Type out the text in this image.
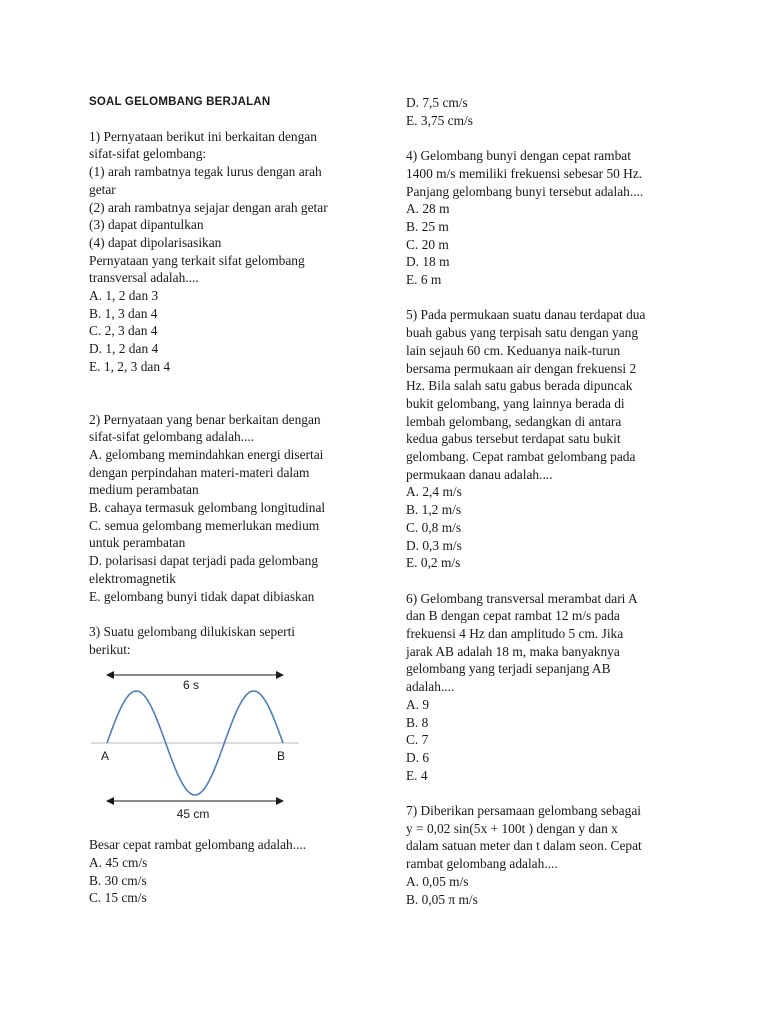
SOAL GELOMBANG BERJALAN
1) Pernyataan berikut ini berkaitan dengan
sifat-sifat gelombang:
(1) arah rambatnya tegak lurus dengan arah
getar
(2) arah rambatnya sejajar dengan arah getar
(3) dapat dipantulkan
(4) dapat dipolarisasikan
Pernyataan yang terkait sifat gelombang
transversal adalah....
A. 1, 2 dan 3
B. 1, 3 dan 4
C. 2, 3 dan 4
D. 1, 2 dan 4
E. 1, 2, 3 dan 4
2) Pernyataan yang benar berkaitan dengan
sifat-sifat gelombang adalah....
A. gelombang memindahkan energi disertai
dengan perpindahan materi-materi dalam
medium perambatan
B. cahaya termasuk gelombang longitudinal
C. semua gelombang memerlukan medium
untuk perambatan
D. polarisasi dapat terjadi pada gelombang
elektromagnetik
E. gelombang bunyi tidak dapat dibiaskan
3) Suatu gelombang dilukiskan seperti
berikut:
6 s
A	B
45 cm
Besar cepat rambat gelombang adalah....
A. 45 cm/s
B. 30 cm/s
C. 15 cm/s
D. 7,5 cm/s
E. 3,75 cm/s
4) Gelombang bunyi dengan cepat rambat
1400 m/s memiliki frekuensi sebesar 50 Hz.
Panjang gelombang bunyi tersebut adalah....
A. 28 m
B. 25 m
C. 20 m
D. 18 m
E. 6 m
5) Pada permukaan suatu danau terdapat dua
buah gabus yang terpisah satu dengan yang
lain sejauh 60 cm. Keduanya naik-turun
bersama permukaan air dengan frekuensi 2
Hz. Bila salah satu gabus berada dipuncak
bukit gelombang, yang lainnya berada di
lembah gelombang, sedangkan di antara
kedua gabus tersebut terdapat satu bukit
gelombang. Cepat rambat gelombang pada
permukaan danau adalah....
A. 2,4 m/s
B. 1,2 m/s
C. 0,8 m/s
D. 0,3 m/s
E. 0,2 m/s
6) Gelombang transversal merambat dari A
dan B dengan cepat rambat 12 m/s pada
frekuensi 4 Hz dan amplitudo 5 cm. Jika
jarak AB adalah 18 m, maka banyaknya
gelombang yang terjadi sepanjang AB
adalah....
A. 9
B. 8
C. 7
D. 6
E. 4
7) Diberikan persamaan gelombang sebagai
y = 0,02 sin(5x + 100t ) dengan y dan x
dalam satuan meter dan t dalam seon. Cepat
rambat gelombang adalah....
A. 0,05 m/s
B. 0,05 π m/s
